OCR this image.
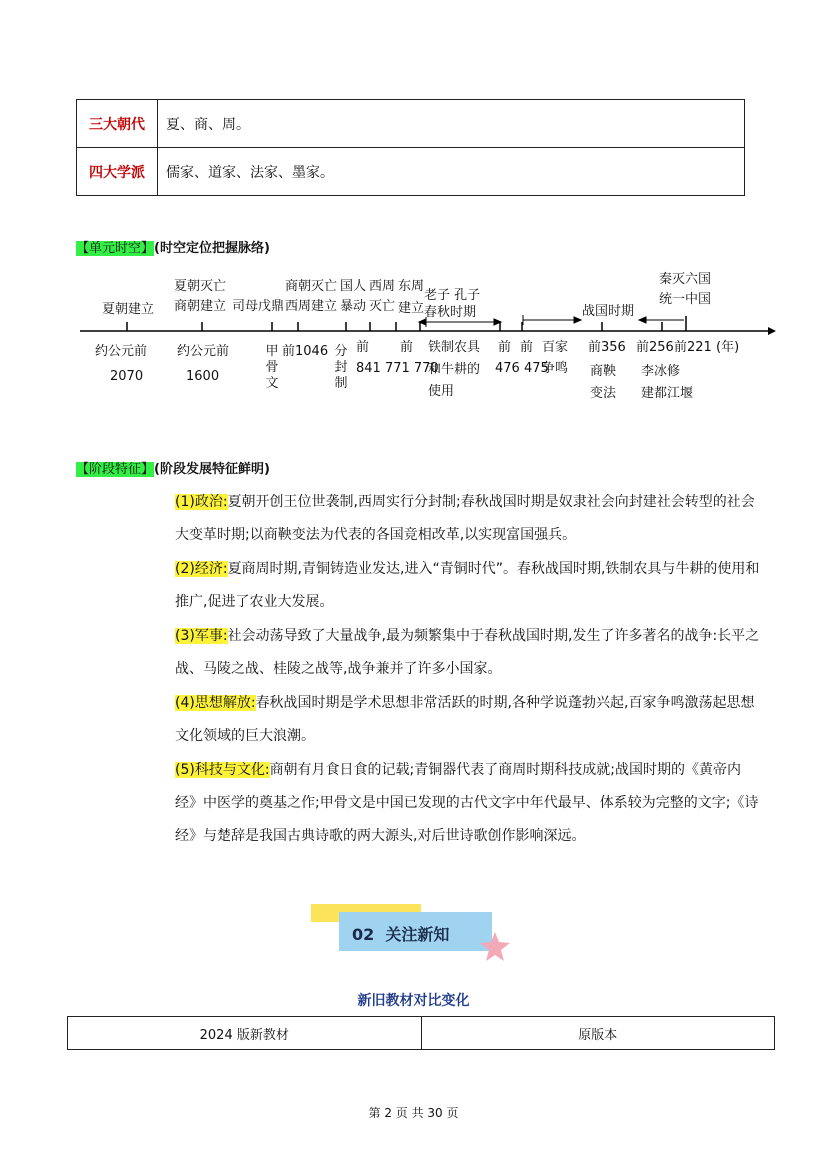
三大朝代	夏、商、周。
四大学派	儒家、道家、法家、墨家。
【单元时空】(时空定位把握脉络)
夏朝建立
夏朝灭亡
商朝建立 司母戊鼎
商朝灭亡
西周建立
国人
暴动
西周
灭亡
东周
建立
老子 孔子
春秋时期	战国时期
秦灭六国
统一中国
约公元前
2070
约公元前
1600
甲骨文
前1046 分封制
前 前
841 771 770
铁制农具
和牛耕的
使用
前 前
476 475
百家
争鸣
前356
商鞅
变法
前256 前221 (年)
李冰修
建都江堰
【阶段特征】(阶段发展特征鲜明)
(1)政治:夏朝开创王位世袭制,西周实行分封制;春秋战国时期是奴隶社会向封建社会转型的社会大变革时期;以商鞅变法为代表的各国竞相改革,以实现富国强兵。
(2)经济:夏商周时期,青铜铸造业发达,进入“青铜时代”。春秋战国时期,铁制农具与牛耕的使用和推广,促进了农业大发展。
(3)军事:社会动荡导致了大量战争,最为频繁集中于春秋战国时期,发生了许多著名的战争:长平之战、马陵之战、桂陵之战等,战争兼并了许多小国家。
(4)思想解放:春秋战国时期是学术思想非常活跃的时期,各种学说蓬勃兴起,百家争鸣激荡起思想文化领域的巨大浪潮。
(5)科技与文化:商朝有月食日食的记载;青铜器代表了商周时期科技成就;战国时期的《黄帝内经》中医学的奠基之作;甲骨文是中国已发现的古代文字中年代最早、体系较为完整的文字;《诗经》与楚辞是我国古典诗歌的两大源头,对后世诗歌创作影响深远。
02 关注新知
新旧教材对比变化
2024 版新教材	原版本
第 2 页 共 30 页
